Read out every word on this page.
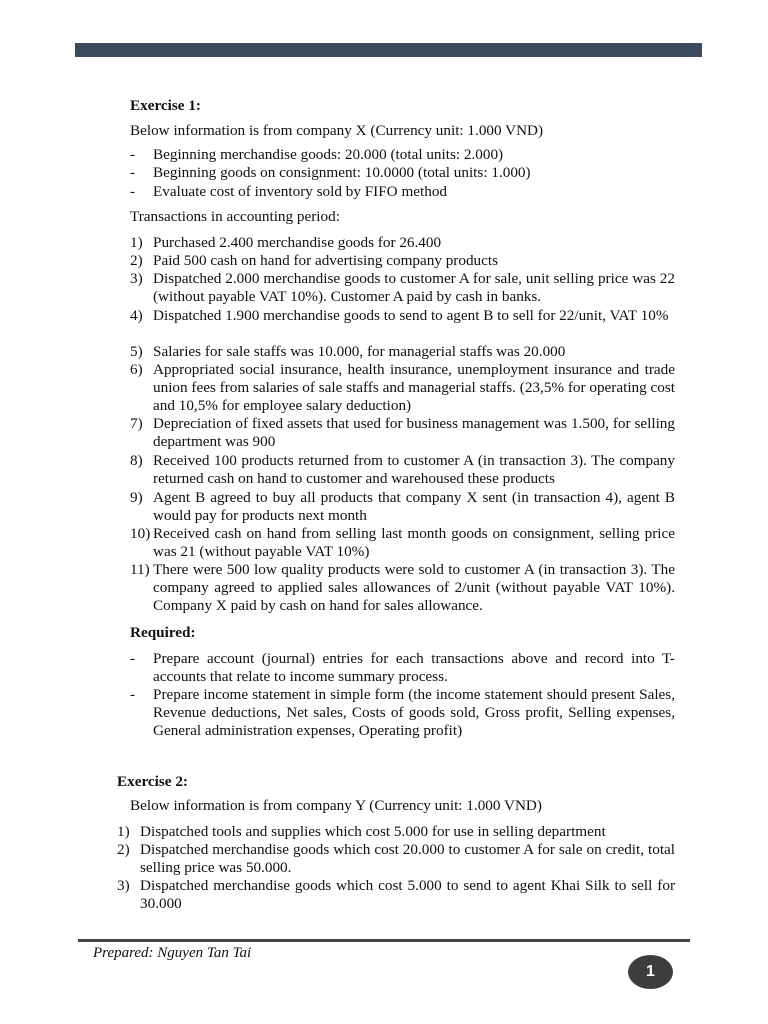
Exercise 1:
Below information is from company X (Currency unit: 1.000 VND)
- Beginning merchandise goods: 20.000 (total units: 2.000)
- Beginning goods on consignment: 10.0000 (total units: 1.000)
- Evaluate cost of inventory sold by FIFO method
Transactions in accounting period:
1) Purchased 2.400 merchandise goods for 26.400
2) Paid 500 cash on hand for advertising company products
3) Dispatched 2.000 merchandise goods to customer A for sale, unit selling price was 22 (without payable VAT 10%). Customer A paid by cash in banks.
4) Dispatched 1.900 merchandise goods to send to agent B to sell for 22/unit, VAT 10%
5) Salaries for sale staffs was 10.000, for managerial staffs was 20.000
6) Appropriated social insurance, health insurance, unemployment insurance and trade union fees from salaries of sale staffs and managerial staffs. (23,5% for operating cost and 10,5% for employee salary deduction)
7) Depreciation of fixed assets that used for business management was 1.500, for selling department was 900
8) Received 100 products returned from to customer A (in transaction 3). The company returned cash on hand to customer and warehoused these products
9) Agent B agreed to buy all products that company X sent (in transaction 4), agent B would pay for products next month
10) Received cash on hand from selling last month goods on consignment, selling price was 21 (without payable VAT 10%)
11) There were 500 low quality products were sold to customer A (in transaction 3). The company agreed to applied sales allowances of 2/unit (without payable VAT 10%). Company X paid by cash on hand for sales allowance.
Required:
- Prepare account (journal) entries for each transactions above and record into T-accounts that relate to income summary process.
- Prepare income statement in simple form (the income statement should present Sales, Revenue deductions, Net sales, Costs of goods sold, Gross profit, Selling expenses, General administration expenses, Operating profit)
Exercise 2:
Below information is from company Y (Currency unit: 1.000 VND)
1) Dispatched tools and supplies which cost 5.000 for use in selling department
2) Dispatched merchandise goods which cost 20.000 to customer A for sale on credit, total selling price was 50.000.
3) Dispatched merchandise goods which cost 5.000 to send to agent Khai Silk to sell for 30.000
Prepared: Nguyen Tan Tai
1
